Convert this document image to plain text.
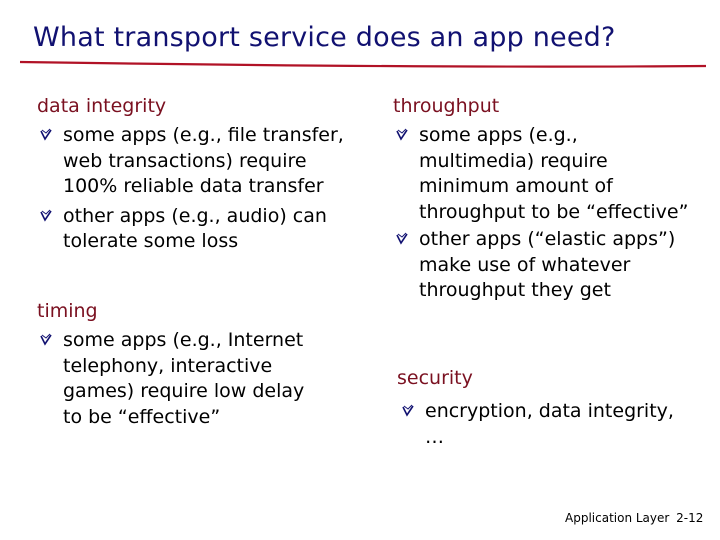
What transport service does an app need?
data integrity
some apps (e.g., file transfer, web transactions) require 100% reliable data transfer
other apps (e.g., audio) can tolerate some loss
timing
some apps (e.g., Internet telephony, interactive games) require low delay to be “effective”
throughput
some apps (e.g., multimedia) require minimum amount of throughput to be “effective”
other apps (“elastic apps”) make use of whatever throughput they get
security
encryption, data integrity, …
Application Layer 2-12
